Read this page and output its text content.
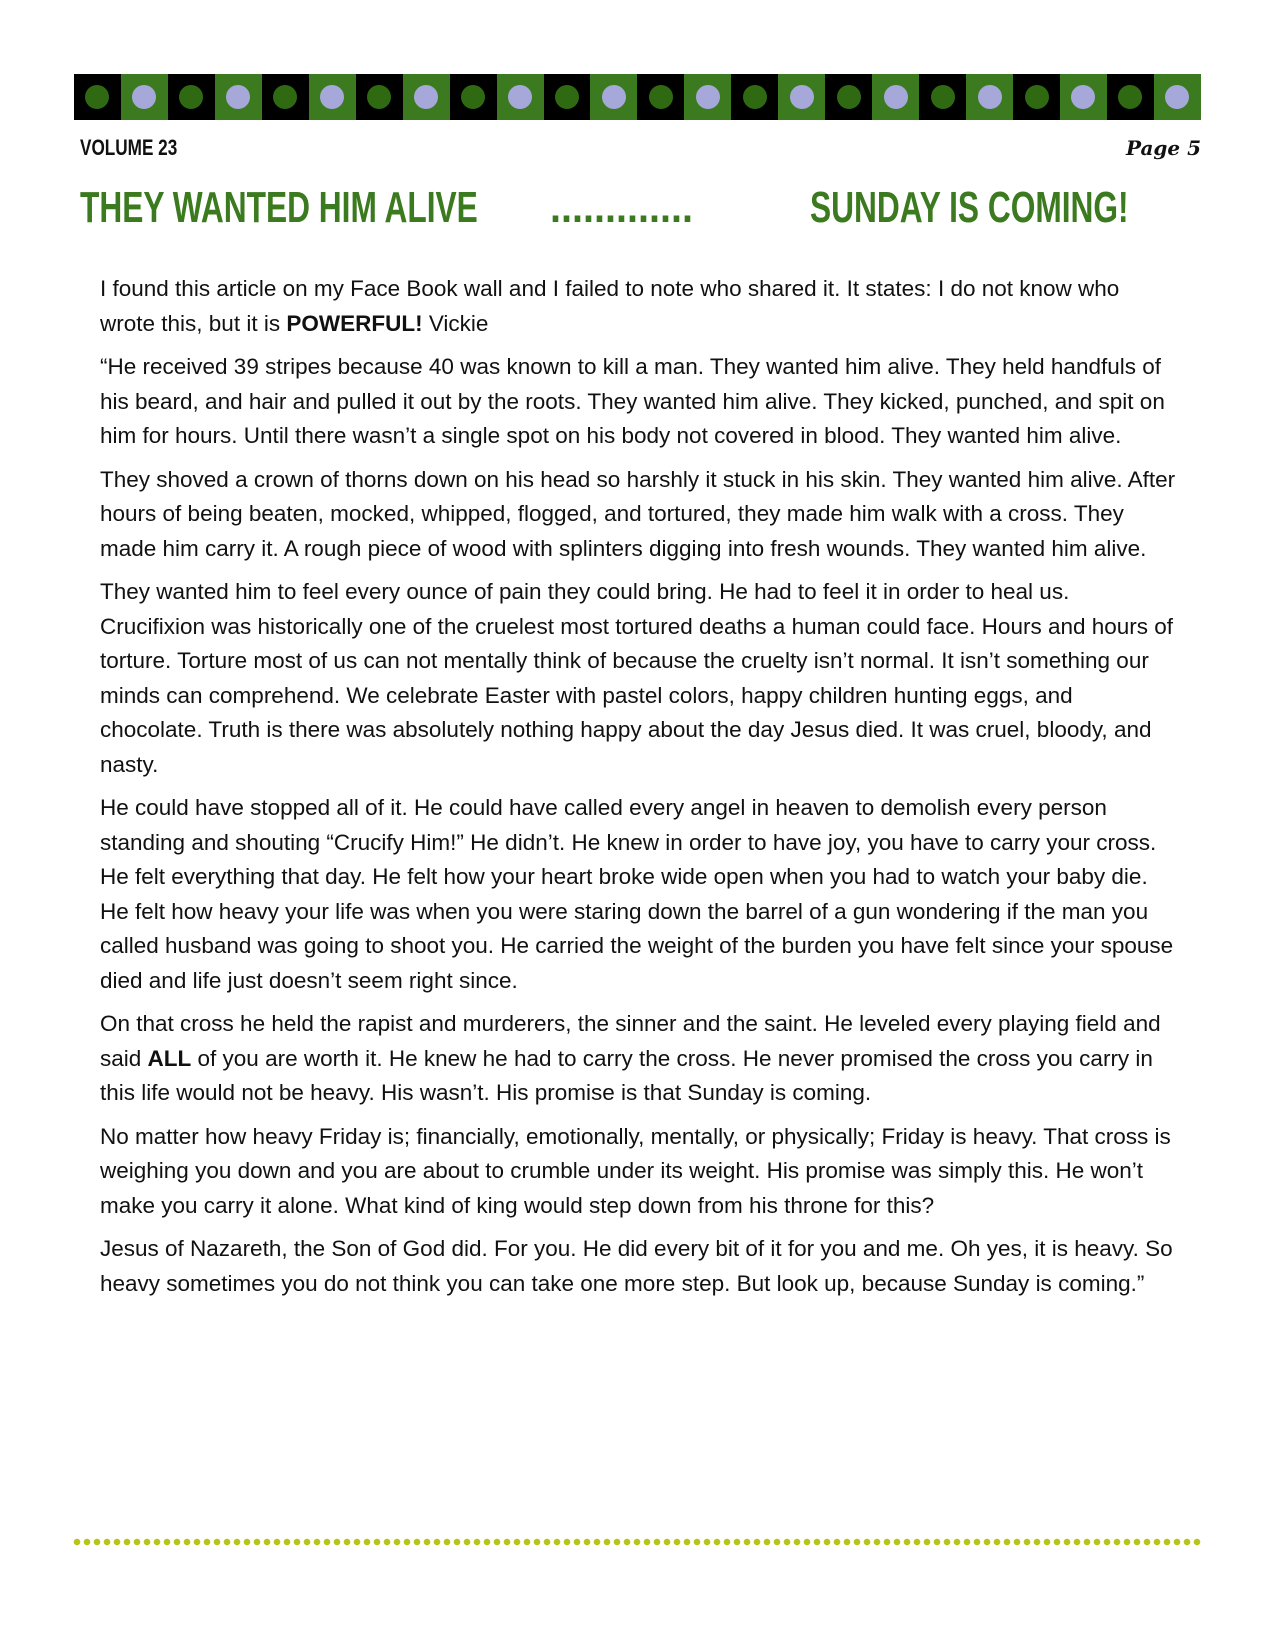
VOLUME 23	Page 5
THEY WANTED HIM ALIVE .............	SUNDAY IS COMING!

I found this article on my Face Book wall and I failed to note who shared it. It states: I do not know who wrote this, but it is POWERFUL! Vickie

“He received 39 stripes because 40 was known to kill a man. They wanted him alive. They held handfuls of his beard, and hair and pulled it out by the roots. They wanted him alive. They kicked, punched, and spit on him for hours. Until there wasn’t a single spot on his body not covered in blood. They wanted him alive.

They shoved a crown of thorns down on his head so harshly it stuck in his skin. They wanted him alive. After hours of being beaten, mocked, whipped, flogged, and tortured, they made him walk with a cross. They made him carry it. A rough piece of wood with splinters digging into fresh wounds. They wanted him alive.

They wanted him to feel every ounce of pain they could bring. He had to feel it in order to heal us. Crucifixion was historically one of the cruelest most tortured deaths a human could face. Hours and hours of torture. Torture most of us can not mentally think of because the cruelty isn’t normal. It isn’t something our minds can comprehend. We celebrate Easter with pastel colors, happy children hunting eggs, and chocolate. Truth is there was absolutely nothing happy about the day Jesus died. It was cruel, bloody, and nasty.

He could have stopped all of it. He could have called every angel in heaven to demolish every person standing and shouting “Crucify Him!” He didn’t. He knew in order to have joy, you have to carry your cross. He felt everything that day. He felt how your heart broke wide open when you had to watch your baby die. He felt how heavy your life was when you were staring down the barrel of a gun wondering if the man you called husband was going to shoot you. He carried the weight of the burden you have felt since your spouse died and life just doesn’t seem right since.

On that cross he held the rapist and murderers, the sinner and the saint. He leveled every playing field and said ALL of you are worth it. He knew he had to carry the cross. He never promised the cross you carry in this life would not be heavy. His wasn’t. His promise is that Sunday is coming.

No matter how heavy Friday is; financially, emotionally, mentally, or physically; Friday is heavy. That cross is weighing you down and you are about to crumble under its weight. His promise was simply this. He won’t make you carry it alone. What kind of king would step down from his throne for this?

Jesus of Nazareth, the Son of God did. For you. He did every bit of it for you and me. Oh yes, it is heavy. So heavy sometimes you do not think you can take one more step. But look up, because Sunday is coming.”
